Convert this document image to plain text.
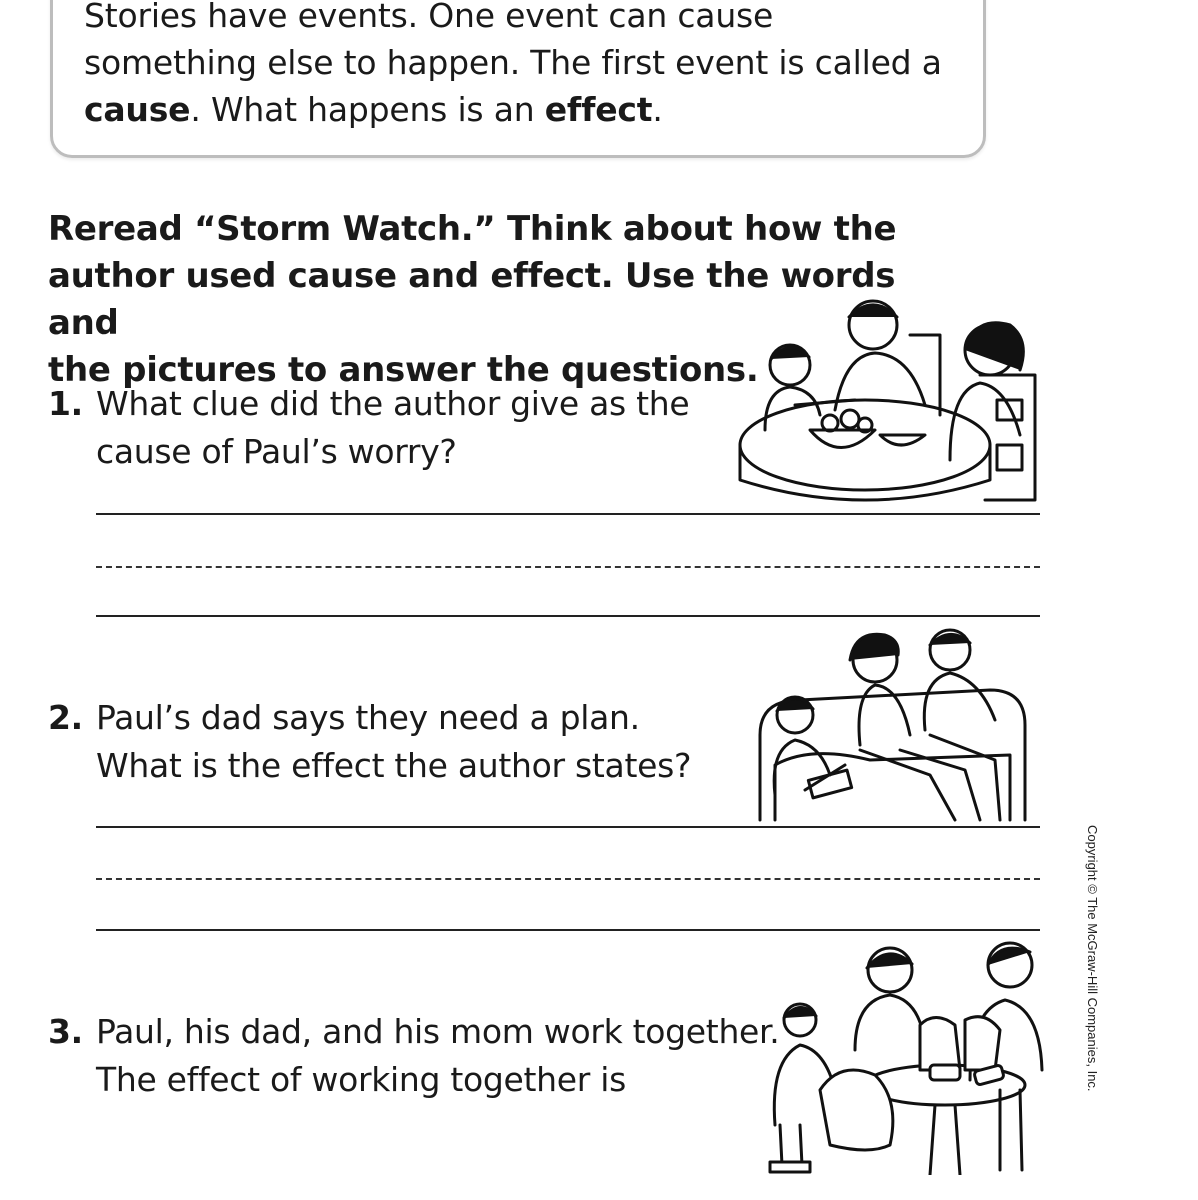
Stories have events. One event can cause
something else to happen. The first event is called a
cause. What happens is an effect.
Reread “Storm Watch.” Think about how the
author used cause and effect. Use the words and
the pictures to answer the questions.
1. What clue did the author give as the
cause of Paul’s worry?
2. Paul’s dad says they need a plan.
What is the effect the author states?
3. Paul, his dad, and his mom work together.
The effect of working together is	Copyright © The McGraw-Hill Companies, Inc.
